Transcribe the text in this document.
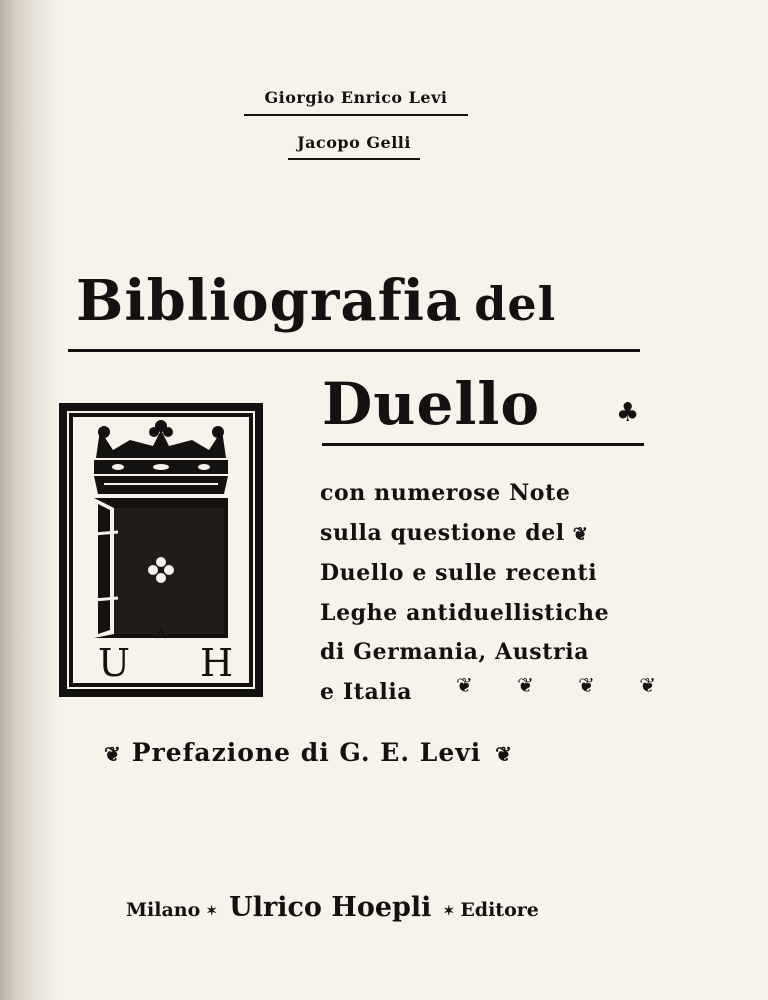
Giorgio Enrico Levi
Jacopo Gelli
Bibliografia del
Duello	♣
U H
con numerose Note
sulla questione del ❦
Duello e sulle recenti
Leghe antiduellistiche
di Germania, Austria
e Italia	❦ ❦ ❦ ❦
❦ Prefazione di G. E. Levi ❦
Milano ✶ Ulrico Hoepli ✶ Editore
